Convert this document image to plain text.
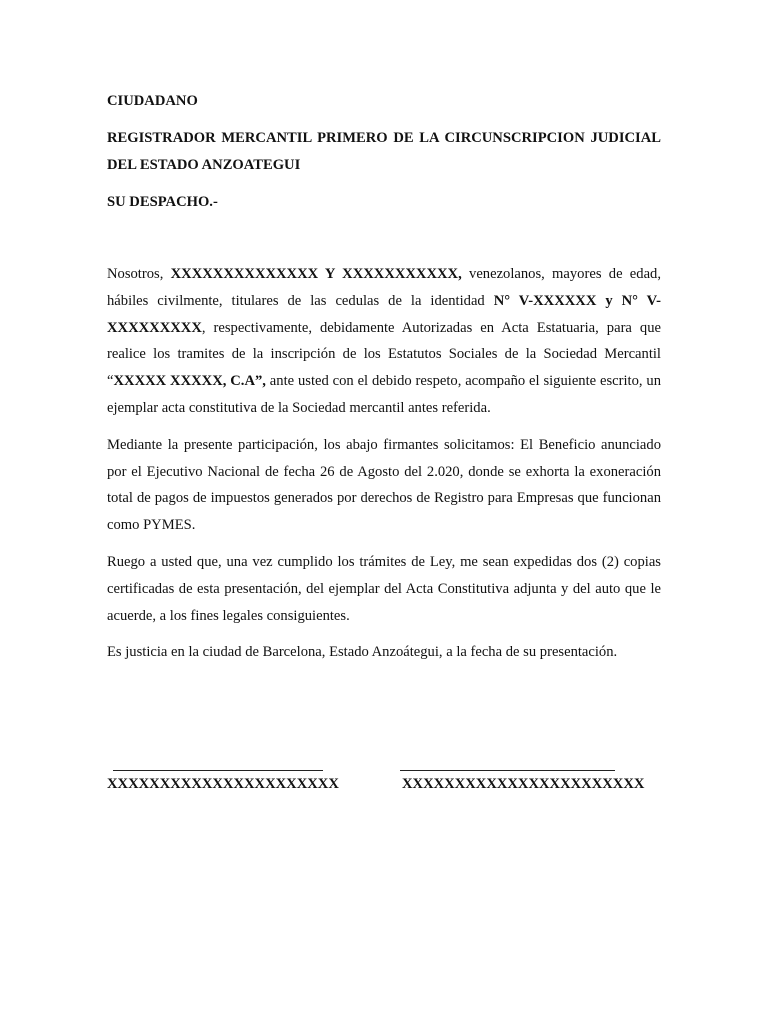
CIUDADANO

REGISTRADOR MERCANTIL PRIMERO DE LA CIRCUNSCRIPCION JUDICIAL DEL ESTADO ANZOATEGUI

SU DESPACHO.-

Nosotros, XXXXXXXXXXXXXX Y XXXXXXXXXXX, venezolanos, mayores de edad, hábiles civilmente, titulares de las cedulas de la identidad N° V-XXXXXX y N° V-XXXXXXXXX, respectivamente, debidamente Autorizadas en Acta Estatuaria, para que realice los tramites de la inscripción de los Estatutos Sociales de la Sociedad Mercantil “XXXXX XXXXX, C.A”, ante usted con el debido respeto, acompaño el siguiente escrito, un ejemplar acta constitutiva de la Sociedad mercantil antes referida.

Mediante la presente participación, los abajo firmantes solicitamos: El Beneficio anunciado por el Ejecutivo Nacional de fecha 26 de Agosto del 2.020, donde se exhorta la exoneración total de pagos de impuestos generados por derechos de Registro para Empresas que funcionan como PYMES.

Ruego a usted que, una vez cumplido los trámites de Ley, me sean expedidas dos (2) copias certificadas de esta presentación, del ejemplar del Acta Constitutiva adjunta y del auto que le acuerde, a los fines legales consiguientes.

Es justicia en la ciudad de Barcelona, Estado Anzoátegui, a la fecha de su presentación.

XXXXXXXXXXXXXXXXXXXXXX	XXXXXXXXXXXXXXXXXXXXXXX
